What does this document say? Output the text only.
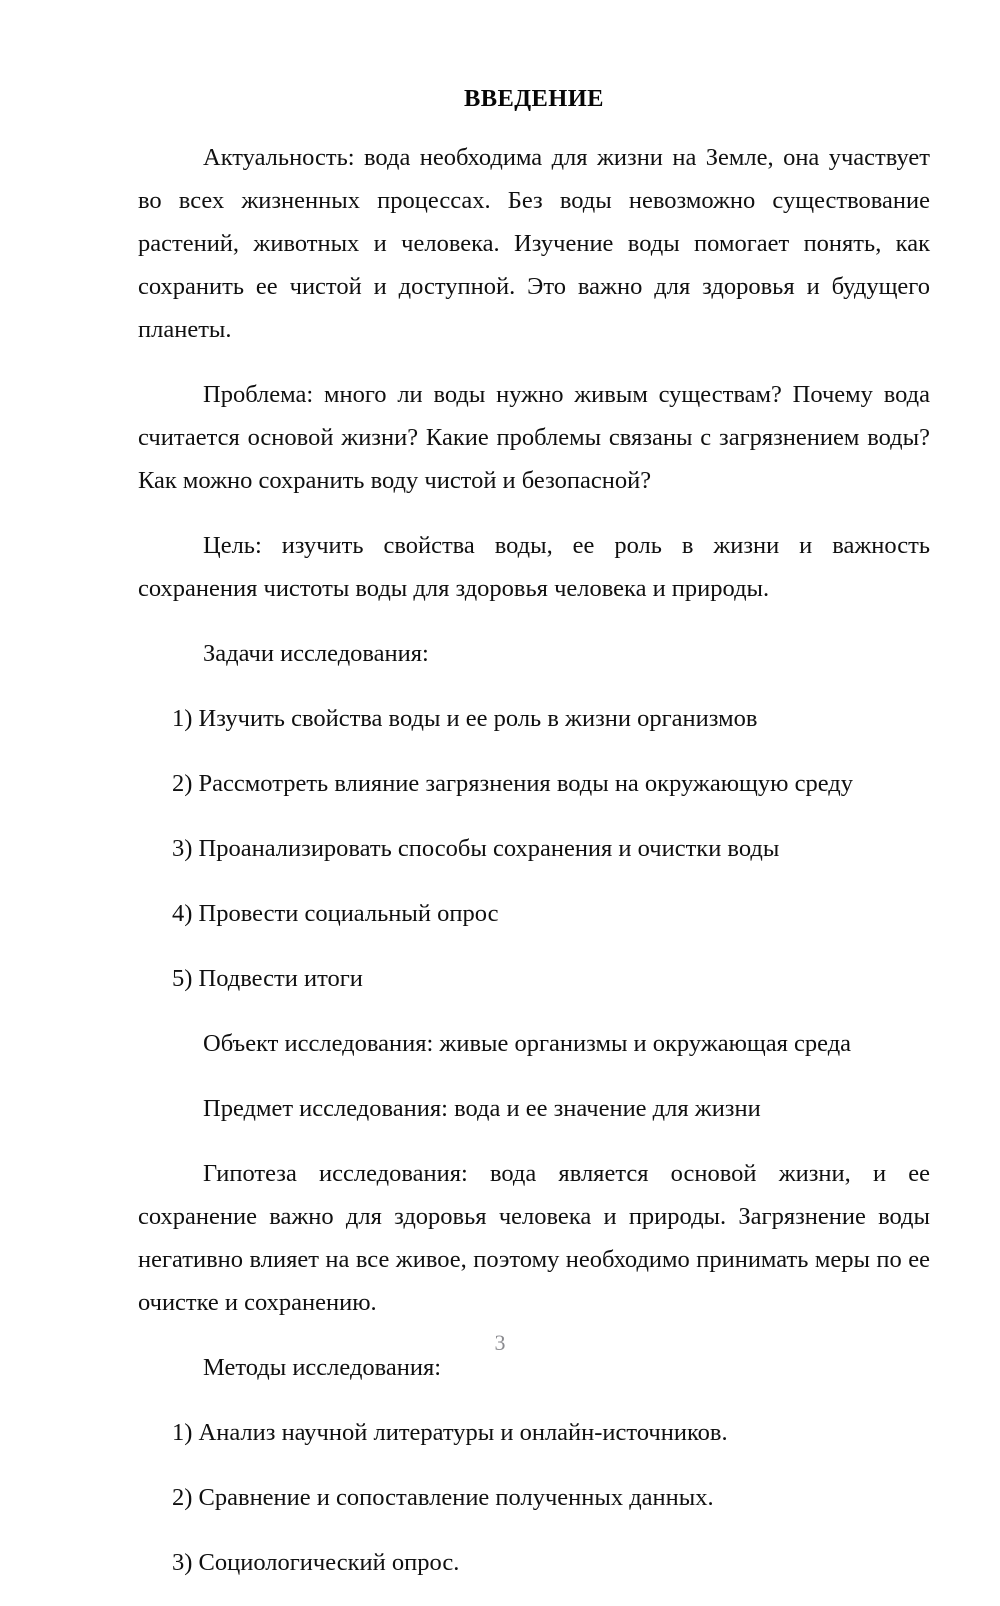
ВВЕДЕНИЕ

Актуальность: вода необходима для жизни на Земле, она участвует во всех жизненных процессах. Без воды невозможно существование растений, животных и человека. Изучение воды помогает понять, как сохранить ее чистой и доступной. Это важно для здоровья и будущего планеты.

Проблема: много ли воды нужно живым существам? Почему вода считается основой жизни? Какие проблемы связаны с загрязнением воды? Как можно сохранить воду чистой и безопасной?

Цель: изучить свойства воды, ее роль в жизни и важность сохранения чистоты воды для здоровья человека и природы.

Задачи исследования:

1) Изучить свойства воды и ее роль в жизни организмов

2) Рассмотреть влияние загрязнения воды на окружающую среду

3) Проанализировать способы сохранения и очистки воды

4) Провести социальный опрос

5) Подвести итоги

Объект исследования: живые организмы и окружающая среда

Предмет исследования: вода и ее значение для жизни

Гипотеза исследования: вода является основой жизни, и ее сохранение важно для здоровья человека и природы. Загрязнение воды негативно влияет на все живое, поэтому необходимо принимать меры по ее очистке и сохранению.

Методы исследования:

1) Анализ научной литературы и онлайн-источников.

2) Сравнение и сопоставление полученных данных.

3) Социологический опрос.

3
